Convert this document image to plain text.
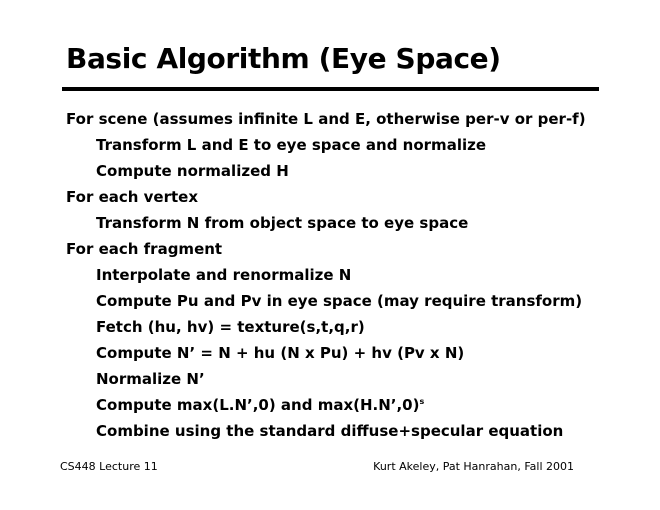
Basic Algorithm (Eye Space)
For scene (assumes infinite L and E, otherwise per-v or per-f)
Transform L and E to eye space and normalize
Compute normalized H
For each vertex
Transform N from object space to eye space
For each fragment
Interpolate and renormalize N
Compute Pu and Pv in eye space (may require transform)
Fetch (hu, hv) = texture(s,t,q,r)
Compute N’ = N + hu (N x Pu) + hv (Pv x N)
Normalize N’
Compute max(L.N’,0) and max(H.N’,0)$^s$
Combine using the standard diffuse+specular equation
CS448 Lecture 11	Kurt Akeley, Pat Hanrahan, Fall 2001
